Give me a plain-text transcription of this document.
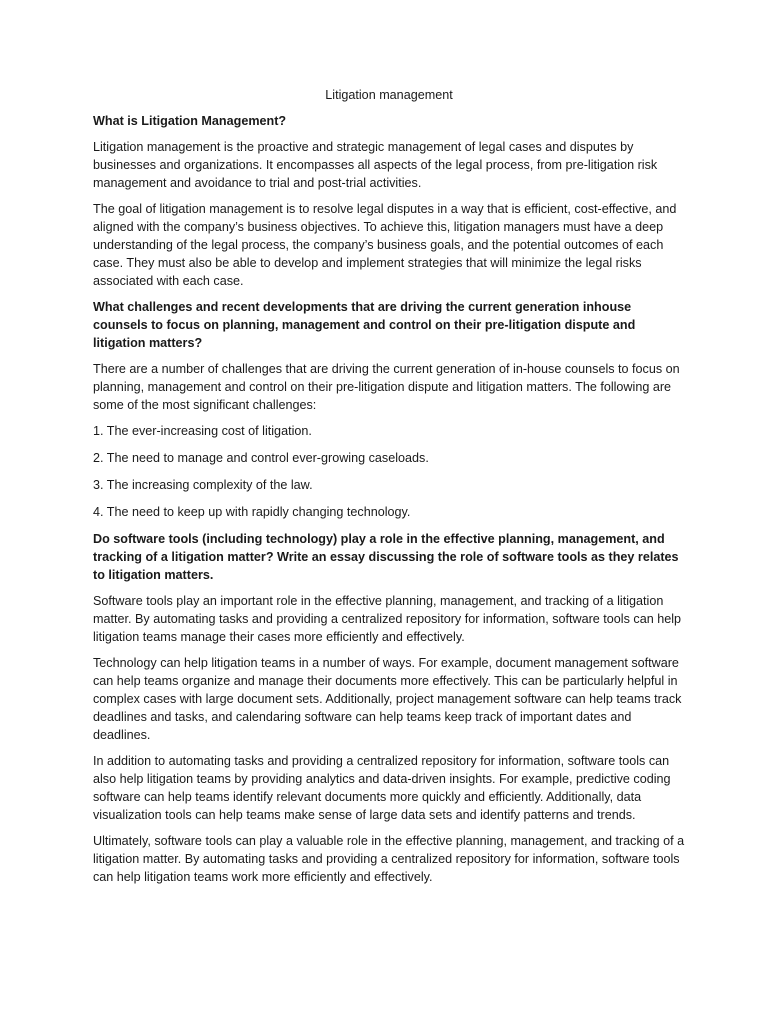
Litigation management
What is Litigation Management?
Litigation management is the proactive and strategic management of legal cases and disputes by businesses and organizations. It encompasses all aspects of the legal process, from pre-litigation risk management and avoidance to trial and post-trial activities.
The goal of litigation management is to resolve legal disputes in a way that is efficient, cost-effective, and aligned with the company’s business objectives. To achieve this, litigation managers must have a deep understanding of the legal process, the company’s business goals, and the potential outcomes of each case. They must also be able to develop and implement strategies that will minimize the legal risks associated with each case.
What challenges and recent developments that are driving the current generation inhouse counsels to focus on planning, management and control on their pre-litigation dispute and litigation matters?
There are a number of challenges that are driving the current generation of in-house counsels to focus on planning, management and control on their pre-litigation dispute and litigation matters. The following are some of the most significant challenges:
1. The ever-increasing cost of litigation.
2. The need to manage and control ever-growing caseloads.
3. The increasing complexity of the law.
4. The need to keep up with rapidly changing technology.
Do software tools (including technology) play a role in the effective planning, management, and tracking of a litigation matter? Write an essay discussing the role of software tools as they relates to litigation matters.
Software tools play an important role in the effective planning, management, and tracking of a litigation matter. By automating tasks and providing a centralized repository for information, software tools can help litigation teams manage their cases more efficiently and effectively.
Technology can help litigation teams in a number of ways. For example, document management software can help teams organize and manage their documents more effectively. This can be particularly helpful in complex cases with large document sets. Additionally, project management software can help teams track deadlines and tasks, and calendaring software can help teams keep track of important dates and deadlines.
In addition to automating tasks and providing a centralized repository for information, software tools can also help litigation teams by providing analytics and data-driven insights. For example, predictive coding software can help teams identify relevant documents more quickly and efficiently. Additionally, data visualization tools can help teams make sense of large data sets and identify patterns and trends.
Ultimately, software tools can play a valuable role in the effective planning, management, and tracking of a litigation matter. By automating tasks and providing a centralized repository for information, software tools can help litigation teams work more efficiently and effectively.
